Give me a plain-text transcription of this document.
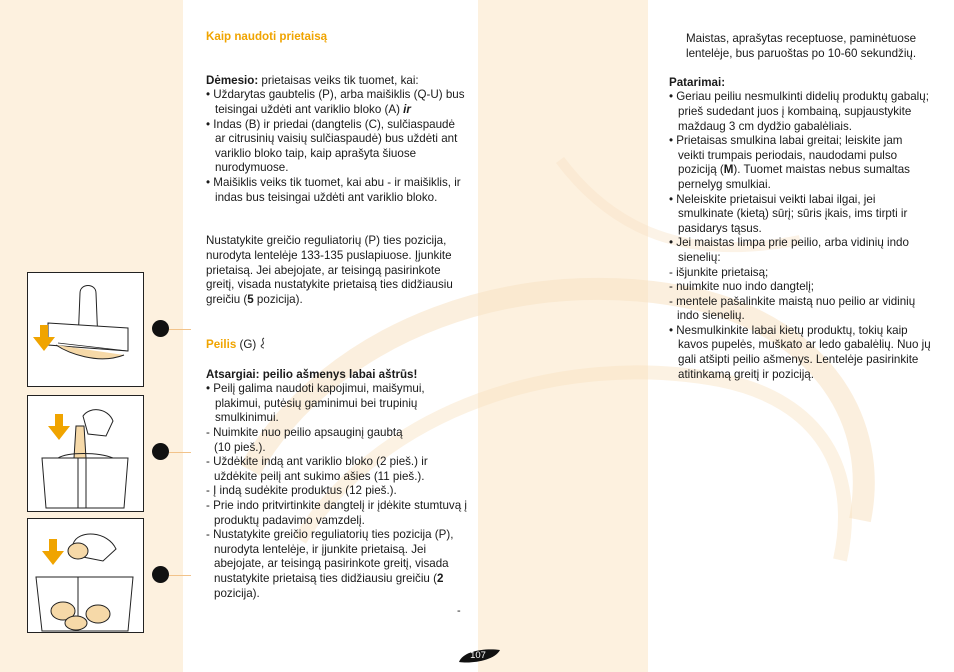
Kaip naudoti prietaisą

Dėmesio: prietaisas veiks tik tuomet, kai:

• Uždarytas gaubtelis (P), arba maišiklis (Q-U) bus teisingai uždėti ant variklio bloko (A) ir

• Indas (B) ir priedai (dangtelis (C), sulčiaspaudė ar citrusinių vaisių sulčiaspaudė) bus uždėti ant variklio bloko taip, kaip aprašyta šiuose nurodymuose.

• Maišiklis veiks tik tuomet, kai abu - ir maišiklis, ir indas bus teisingai uždėti ant variklio bloko.

Nustatykite greičio reguliatorių (P) ties pozicija, nurodyta lentelėje 133-135 puslapiuose. Įjunkite prietaisą. Jei abejojate, ar teisingą pasirinkote greitį, visada nustatykite prietaisą ties didžiausiu greičiu (5 pozicija).

Peilis (G)

Atsargiai: peilio ašmenys labai aštrūs!

• Peilį galima naudoti kapojimui, maišymui, plakimui, putėsių gaminimui bei trupinių smulkinimui.

- Nuimkite nuo peilio apsauginį gaubtą

(10 pieš.).

- Uždėkite indą ant variklio bloko (2 pieš.) ir uždėkite peilį ant sukimo ašies (11 pieš.).

- Į indą sudėkite produktus (12 pieš.).

- Prie indo pritvirtinkite dangtelį ir įdėkite stumtuvą į produktų padavimo vamzdelį.

- Nustatykite greičio reguliatorių ties pozicija (P), nurodyta lentelėje, ir įjunkite prietaisą. Jei abejojate, ar teisingą pasirinkote greitį, visada nustatykite prietaisą ties didžiausiu greičiu (2 pozicija).

-

Maistas, aprašytas receptuose, paminėtuose lentelėje, bus paruoštas po 10-60 sekundžių.

Patarimai:

• Geriau peiliu nesmulkinti didelių produktų gabalų; prieš sudedant juos į kombainą, supjaustykite maždaug 3 cm dydžio gabalėliais.

• Prietaisas smulkina labai greitai; leiskite jam veikti trumpais periodais, naudodami pulso poziciją (M). Tuomet maistas nebus sumaltas pernelyg smulkiai.

• Neleiskite prietaisui veikti labai ilgai, jei smulkinate (kietą) sūrį; sūris įkais, ims tirpti ir pasidarys tąsus.

• Jei maistas limpa prie peilio, arba vidinių indo sienelių:

- išjunkite prietaisą;

- nuimkite nuo indo dangtelį;

- mentele pašalinkite maistą nuo peilio ar vidinių indo sienelių.

• Nesmulkinkite labai kietų produktų, tokių kaip kavos pupelės, muškato ar ledo gabalėlių. Nuo jų gali atšipti peilio ašmenys. Lentelėje pasirinkite atitinkamą greitį ir poziciją.

107
